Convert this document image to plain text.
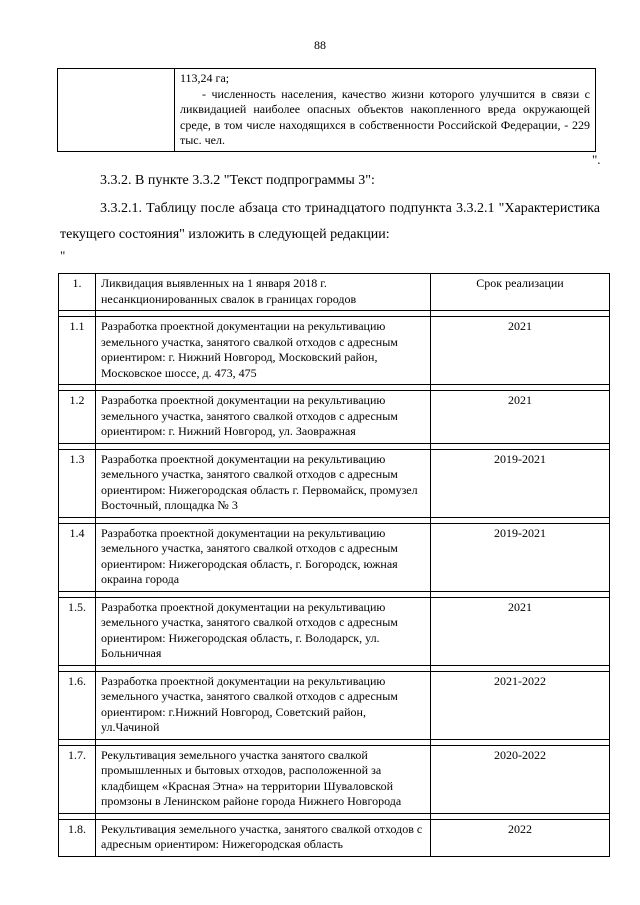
88

113,24 га;
- численность населения, качество жизни которого улучшится в связи с ликвидацией наиболее опасных объектов накопленного вреда окружающей среде, в том числе находящихся в собственности Российской Федерации, - 229 тыс. чел.
".
3.3.2. В пункте 3.3.2 "Текст подпрограммы 3":
3.3.2.1. Таблицу после абзаца сто тринадцатого подпункта 3.3.2.1 "Характеристика текущего состояния" изложить в следующей редакции:
"
1.	Ликвидация выявленных на 1 января 2018 г. несанкционированных свалок в границах городов	Срок реализации

1.1	Разработка проектной документации на рекультивацию земельного участка, занятого свалкой отходов с адресным ориентиром: г. Нижний Новгород, Московский район, Московское шоссе, д. 473, 475	2021

1.2	Разработка проектной документации на рекультивацию земельного участка, занятого свалкой отходов с адресным ориентиром: г. Нижний Новгород, ул. Заовражная	2021

1.3	Разработка проектной документации на рекультивацию земельного участка, занятого свалкой отходов с адресным ориентиром: Нижегородская область г. Первомайск, промузел Восточный, площадка № 3	2019-2021

1.4	Разработка проектной документации на рекультивацию земельного участка, занятого свалкой отходов с адресным ориентиром: Нижегородская область, г. Богородск, южная окраина города	2019-2021

1.5.	Разработка проектной документации на рекультивацию земельного участка, занятого свалкой отходов с адресным ориентиром: Нижегородская область, г. Володарск, ул. Больничная	2021

1.6.	Разработка проектной документации на рекультивацию земельного участка, занятого свалкой отходов с адресным ориентиром: г.Нижний Новгород, Советский район, ул.Чачиной	2021-2022

1.7.	Рекультивация земельного участка занятого свалкой промышленных и бытовых отходов, расположенной за кладбищем «Красная Этна» на территории Шуваловской промзоны в Ленинском районе города Нижнего Новгорода	2020-2022

1.8.	Рекультивация земельного участка, занятого свалкой отходов с адресным ориентиром: Нижегородская область	2022
